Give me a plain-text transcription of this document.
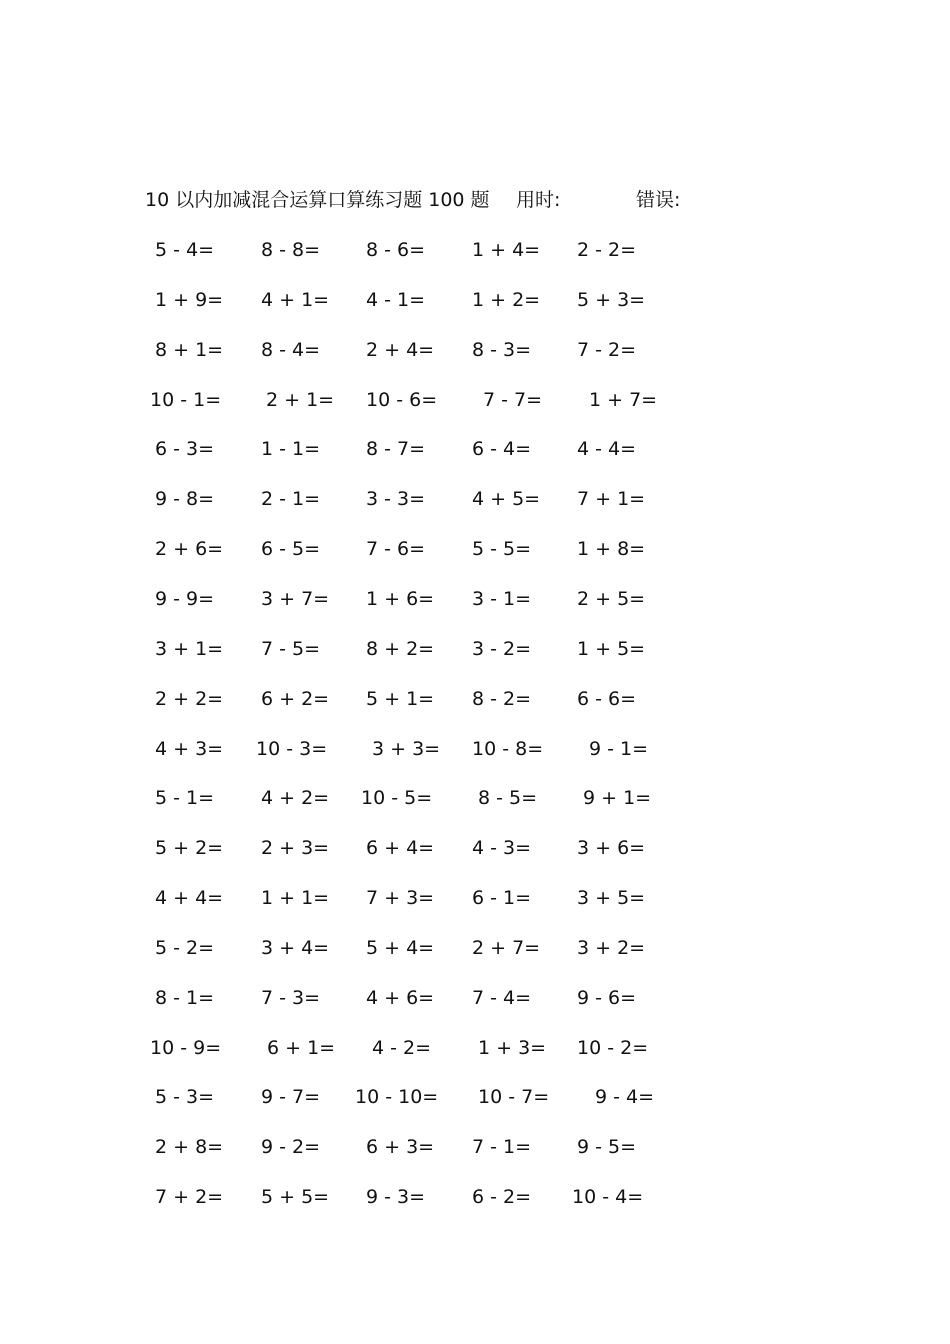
10 以内加减混合运算口算练习题 100 题 用时:	错误:
5 - 4= 8 - 8= 8 - 6= 1 + 4= 2 - 2=
1 + 9= 4 + 1= 4 - 1= 1 + 2= 5 + 3=
8 + 1= 8 - 4= 2 + 4= 8 - 3= 7 - 2=
10 - 1= 2 + 1= 10 - 6= 7 - 7= 1 + 7=
6 - 3= 1 - 1= 8 - 7= 6 - 4= 4 - 4=
9 - 8= 2 - 1= 3 - 3= 4 + 5= 7 + 1=
2 + 6= 6 - 5= 7 - 6= 5 - 5= 1 + 8=
9 - 9= 3 + 7= 1 + 6= 3 - 1= 2 + 5=
3 + 1= 7 - 5= 8 + 2= 3 - 2= 1 + 5=
2 + 2= 6 + 2= 5 + 1= 8 - 2= 6 - 6=
4 + 3= 10 - 3= 3 + 3= 10 - 8= 9 - 1=
5 - 1= 4 + 2= 10 - 5= 8 - 5= 9 + 1=
5 + 2= 2 + 3= 6 + 4= 4 - 3= 3 + 6=
4 + 4= 1 + 1= 7 + 3= 6 - 1= 3 + 5=
5 - 2= 3 + 4= 5 + 4= 2 + 7= 3 + 2=
8 - 1= 7 - 3= 4 + 6= 7 - 4= 9 - 6=
10 - 9= 6 + 1= 4 - 2= 1 + 3= 10 - 2=
5 - 3= 9 - 7= 10 - 10= 10 - 7= 9 - 4=
2 + 8= 9 - 2= 6 + 3= 7 - 1= 9 - 5=
7 + 2= 5 + 5= 9 - 3= 6 - 2= 10 - 4=
